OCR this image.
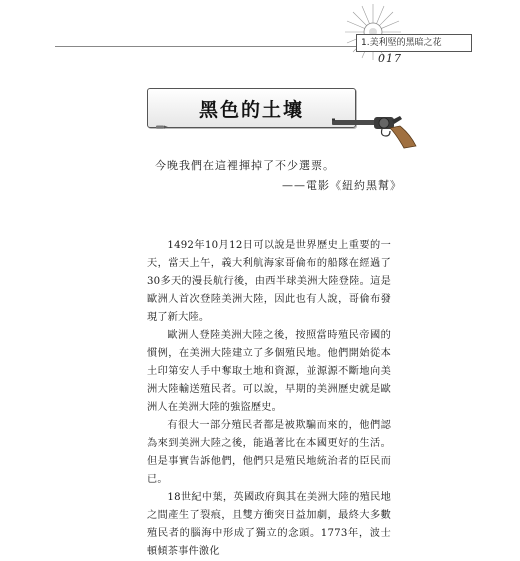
1.美利堅的黑暗之花
017
黑色的土壤
今晚我們在這裡揮掉了不少選票。
——電影《紐約黑幫》

1492年10月12日可以說是世界歷史上重要的一天，當天上午，義大利航海家哥倫布的船隊在經過了30多天的漫長航行後，由西半球美洲大陸登陸。這是歐洲人首次登陸美洲大陸，因此也有人說，哥倫布發現了新大陸。

歐洲人登陸美洲大陸之後，按照當時殖民帝國的慣例，在美洲大陸建立了多個殖民地。他們開始從本土印第安人手中奪取土地和資源，並源源不斷地向美洲大陸輸送殖民者。可以說，早期的美洲歷史就是歐洲人在美洲大陸的強盜歷史。

有很大一部分殖民者都是被欺騙而來的，他們認為來到美洲大陸之後，能過著比在本國更好的生活。但是事實告訴他們，他們只是殖民地統治者的臣民而已。

18世紀中葉，英國政府與其在美洲大陸的殖民地之間產生了裂痕，且雙方衝突日益加劇，最終大多數殖民者的腦海中形成了獨立的念頭。1773年，波士頓傾茶事件激化
